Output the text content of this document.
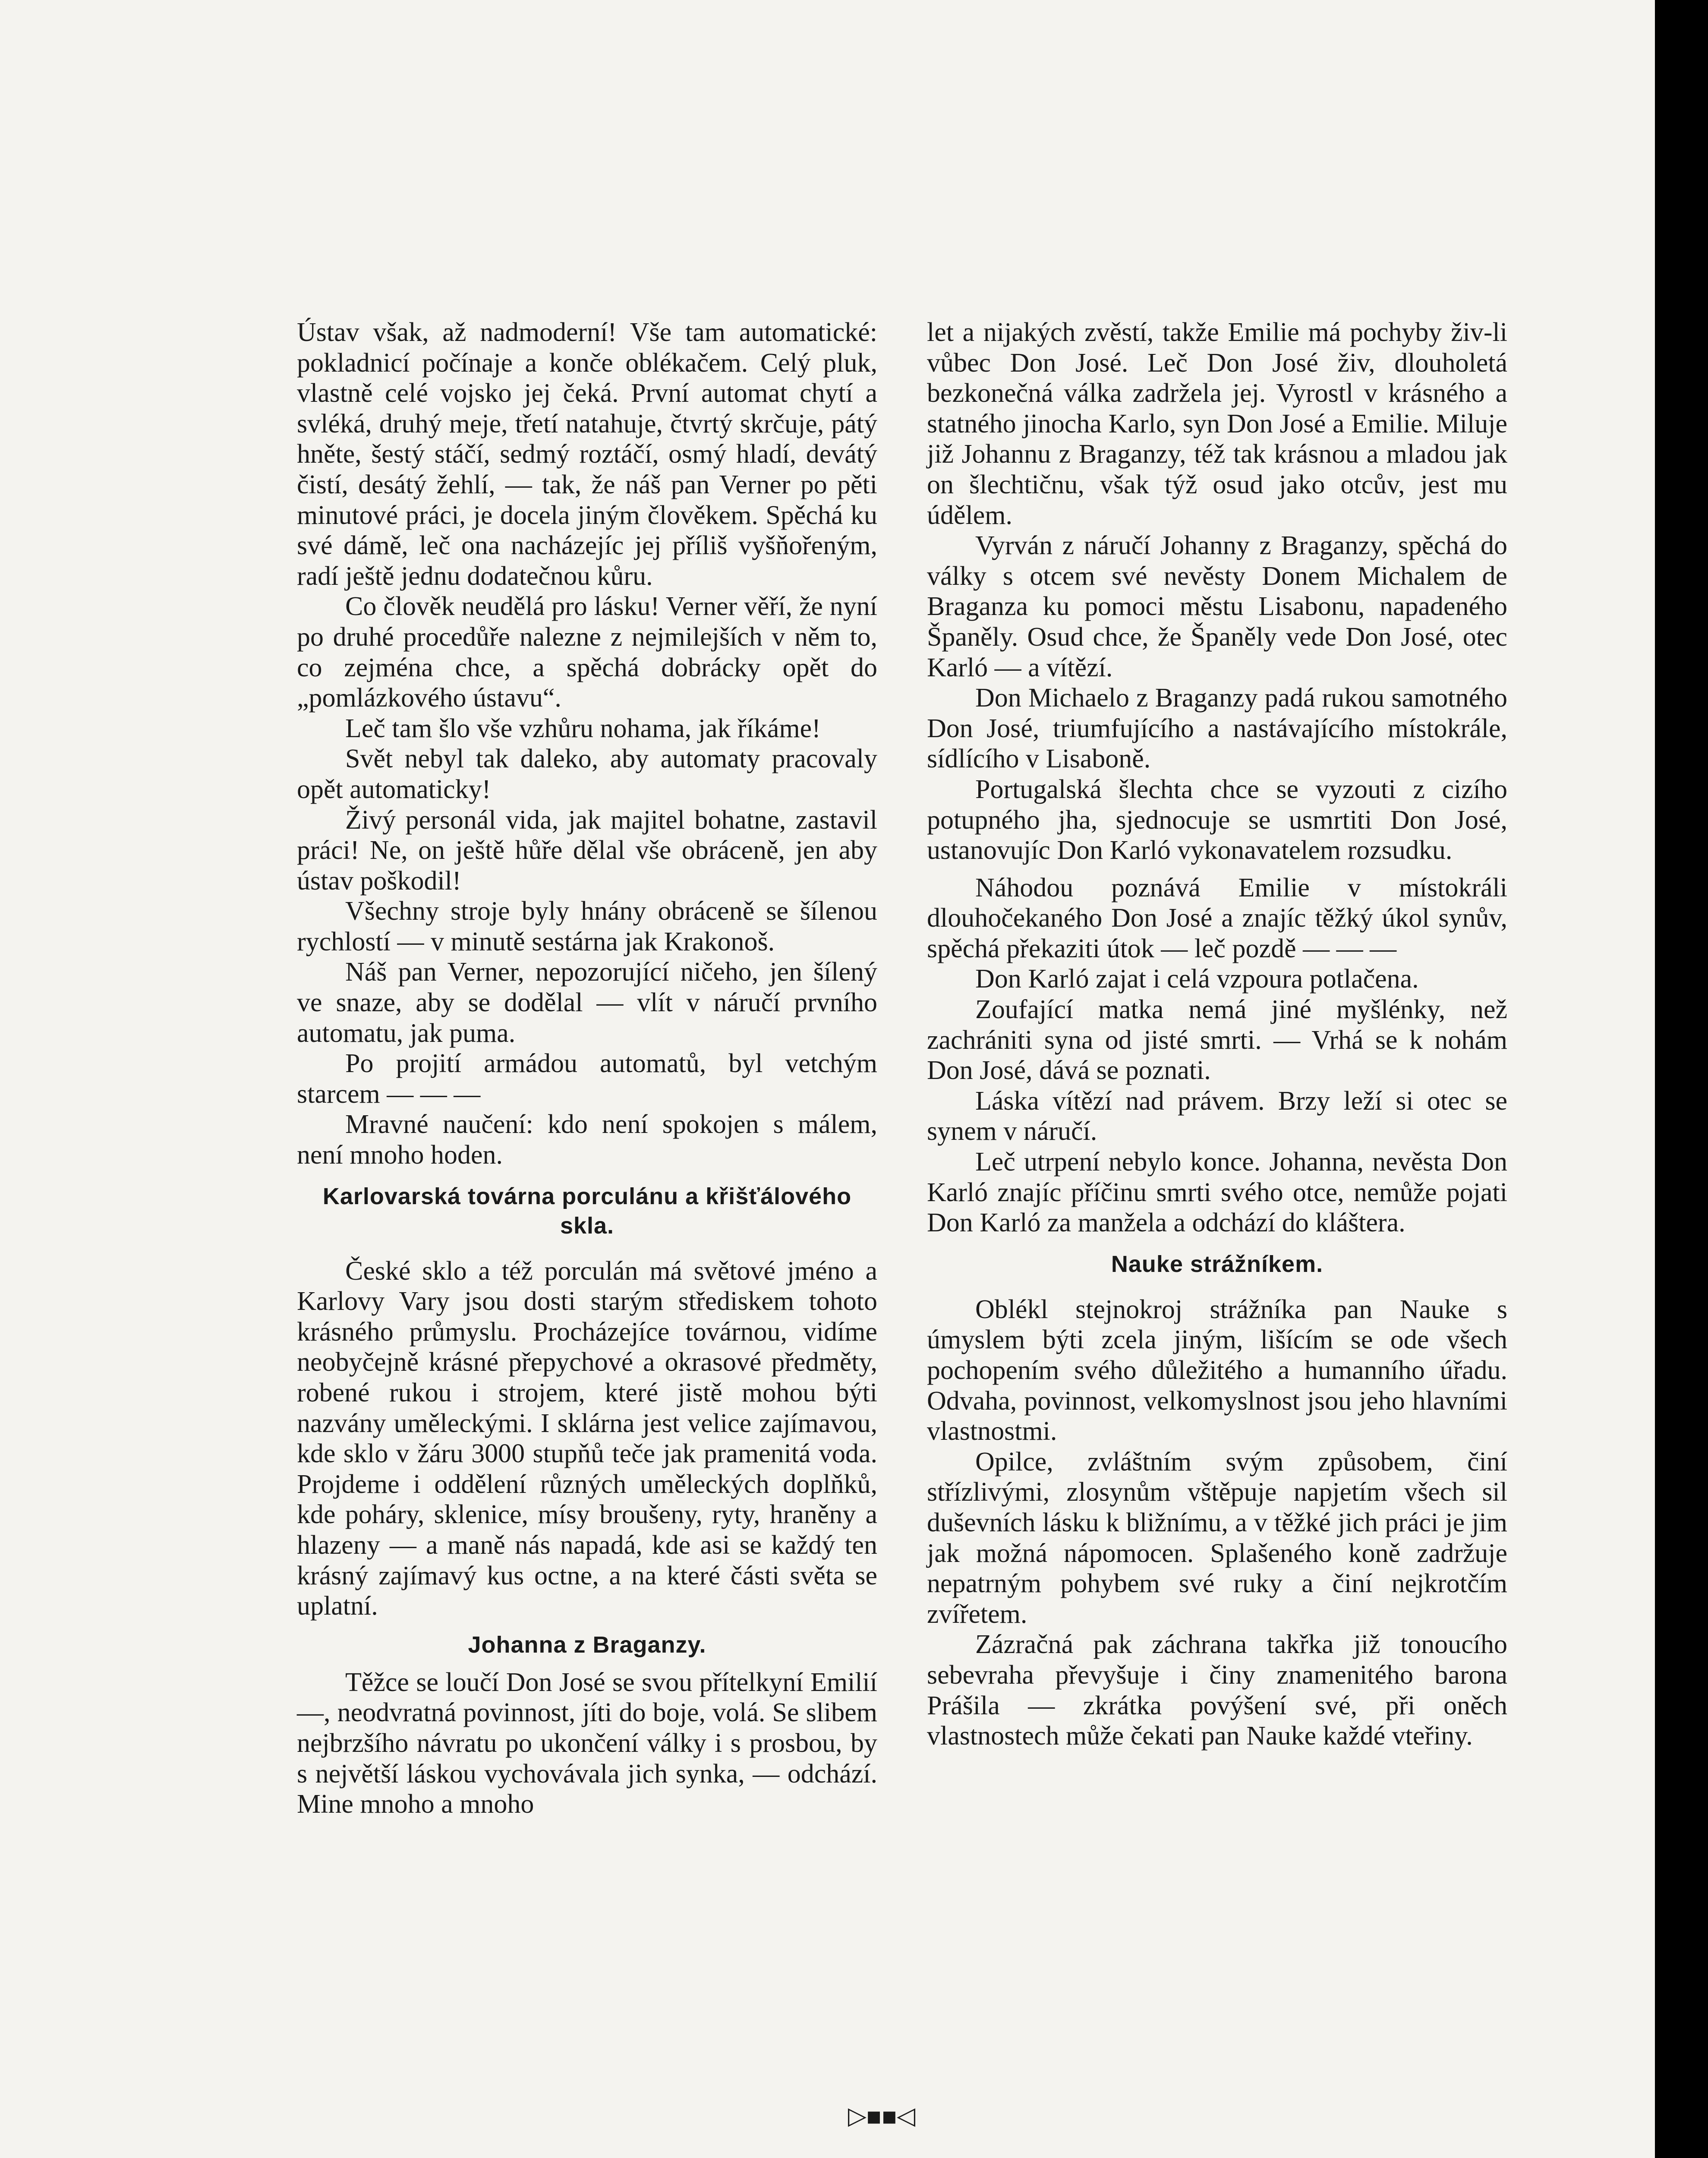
Ústav však, až nadmoderní! Vše tam automatické: pokladnicí počínaje a konče oblékačem. Celý pluk, vlastně celé vojsko jej čeká. První automat chytí a svléká, druhý meje, třetí natahuje, čtvrtý skrčuje, pátý hněte, šestý stáčí, sedmý roztáčí, osmý hladí, devátý čistí, desátý žehlí, — tak, že náš pan Verner po pěti minutové práci, je docela jiným člověkem. Spěchá ku své dámě, leč ona nacházejíc jej příliš vyšňořeným, radí ještě jednu dodatečnou kůru.

Co člověk neudělá pro lásku! Verner věří, že nyní po druhé procedůře nalezne z nejmilejších v něm to, co zejména chce, a spěchá dobrácky opět do „pomlázkového ústavu“.

Leč tam šlo vše vzhůru nohama, jak říkáme!

Svět nebyl tak daleko, aby automaty pracovaly opět automaticky!

Živý personál vida, jak majitel bohatne, zastavil práci! Ne, on ještě hůře dělal vše obráceně, jen aby ústav poškodil!

Všechny stroje byly hnány obráceně se šílenou rychlostí — v minutě sestárna jak Krakonoš.

Náš pan Verner, nepozorující ničeho, jen šílený ve snaze, aby se dodělal — vlít v náručí prvního automatu, jak puma.

Po projití armádou automatů, byl vetchým starcem — — —

Mravné naučení: kdo není spokojen s málem, není mnoho hoden.

Karlovarská továrna porculánu a křišťálového skla.

České sklo a též porculán má světové jméno a Karlovy Vary jsou dosti starým střediskem tohoto krásného průmyslu. Procházejíce továrnou, vidíme neobyčejně krásné přepychové a okrasové předměty, robené rukou i strojem, které jistě mohou býti nazvány uměleckými. I sklárna jest velice zajímavou, kde sklo v žáru 3000 stupňů teče jak pramenitá voda. Projdeme i oddělení různých uměleckých doplňků, kde poháry, sklenice, mísy broušeny, ryty, hraněny a hlazeny — a maně nás napadá, kde asi se každý ten krásný zajímavý kus octne, a na které části světa se uplatní.

Johanna z Braganzy.

Těžce se loučí Don José se svou přítelkyní Emilií —, neodvratná povinnost, jíti do boje, volá. Se slibem nejbrzšího návratu po ukončení války i s prosbou, by s největší láskou vychovávala jich synka, — odchází. Mine mnoho a mnoho

let a nijakých zvěstí, takže Emilie má pochyby živ-li vůbec Don José. Leč Don José živ, dlouholetá bezkonečná válka zadržela jej. Vyrostl v krásného a statného jinocha Karlo, syn Don José a Emilie. Miluje již Johannu z Braganzy, též tak krásnou a mladou jak on šlechtičnu, však týž osud jako otcův, jest mu údělem.

Vyrván z náručí Johanny z Braganzy, spěchá do války s otcem své nevěsty Donem Michalem de Braganza ku pomoci městu Lisabonu, napadeného Španěly. Osud chce, že Španěly vede Don José, otec Karló — a vítězí.

Don Michaelo z Braganzy padá rukou samotného Don José, triumfujícího a nastávajícího místokrále, sídlícího v Lisaboně.

Portugalská šlechta chce se vyzouti z cizího potupného jha, sjednocuje se usmrtiti Don José, ustanovujíc Don Karló vykonavatelem rozsudku.

Náhodou poznává Emilie v místokráli dlouhočekaného Don José a znajíc těžký úkol synův, spěchá překaziti útok — leč pozdě — — —

Don Karló zajat i celá vzpoura potlačena.

Zoufající matka nemá jiné myšlénky, než zachrániti syna od jisté smrti. — Vrhá se k nohám Don José, dává se poznati.

Láska vítězí nad právem. Brzy leží si otec se synem v náručí.

Leč utrpení nebylo konce. Johanna, nevěsta Don Karló znajíc příčinu smrti svého otce, nemůže pojati Don Karló za manžela a odchází do kláštera.

Nauke strážníkem.

Oblékl stejnokroj strážníka pan Nauke s úmyslem býti zcela jiným, lišícím se ode všech pochopením svého důležitého a humanního úřadu. Odvaha, povinnost, velkomyslnost jsou jeho hlavními vlastnostmi.

Opilce, zvláštním svým způsobem, činí střízlivými, zlosynům vštěpuje napjetím všech sil duševních lásku k bližnímu, a v těžké jich práci je jim jak možná nápomocen. Splašeného koně zadržuje nepatrným pohybem své ruky a činí nejkrotčím zvířetem.

Zázračná pak záchrana takřka již tonoucího sebevraha převyšuje i činy znamenitého barona Prášila — zkrátka povýšení své, při oněch vlastnostech může čekati pan Nauke každé vteřiny.

▷▪▪◁
